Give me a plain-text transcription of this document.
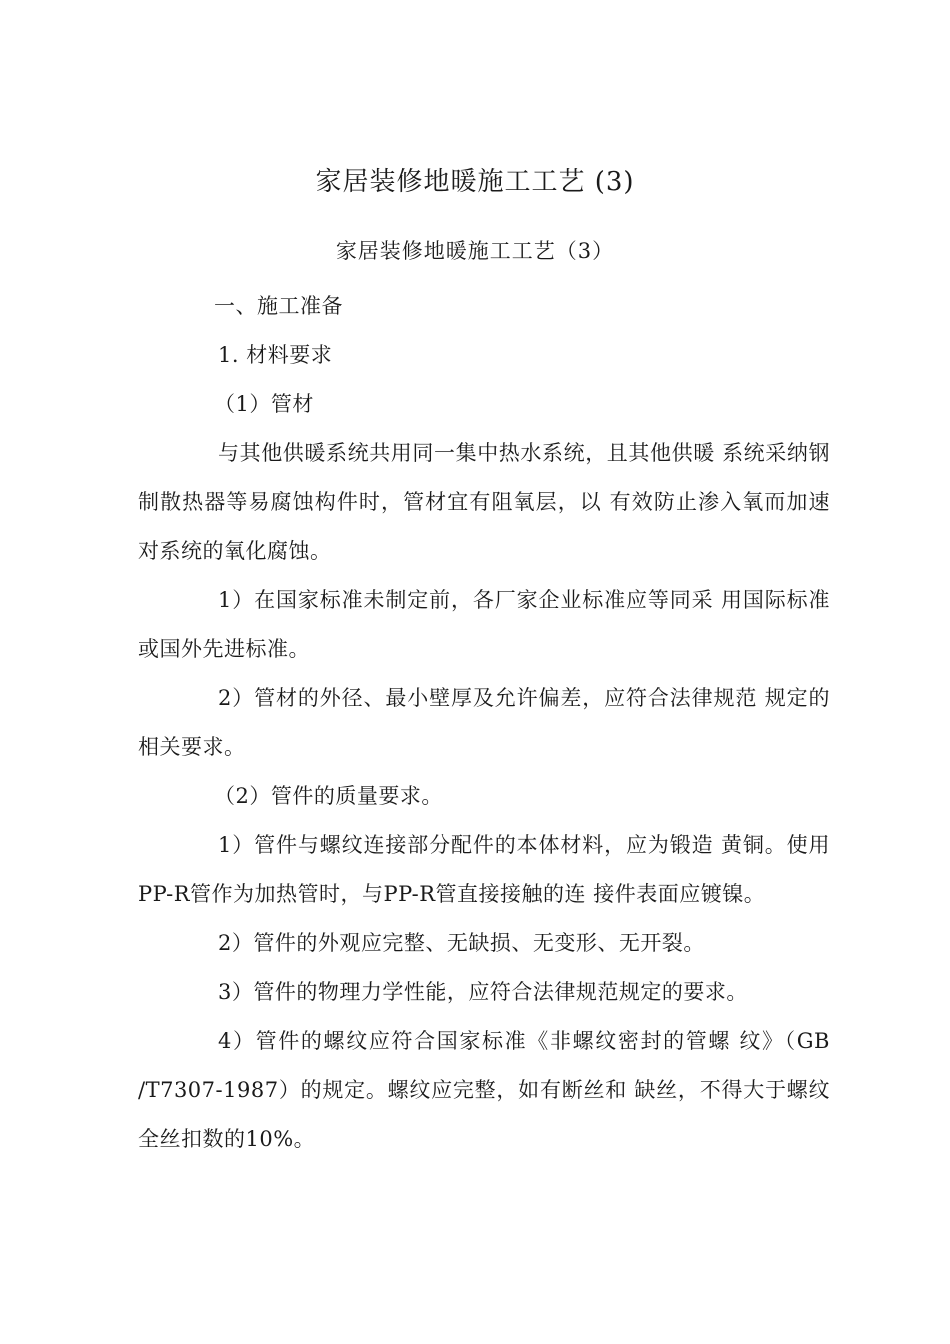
家居装修地暖施工工艺 (3)
家居装修地暖施工工艺（3）

一、施工准备

1. 材料要求

（1）管材

与其他供暖系统共用同一集中热水系统，且其他供暖 系统采纳钢制散热器等易腐蚀构件时，管材宜有阻氧层，以 有效防止渗入氧而加速对系统的氧化腐蚀。

1）在国家标准未制定前，各厂家企业标准应等同采 用国际标准或国外先进标准。

2）管材的外径、最小壁厚及允许偏差，应符合法律规范 规定的相关要求。

（2）管件的质量要求。

1）管件与螺纹连接部分配件的本体材料，应为锻造 黄铜。使用PP-R管作为加热管时，与PP-R管直接接触的连 接件表面应镀镍。

2）管件的外观应完整、无缺损、无变形、无开裂。

3）管件的物理力学性能，应符合法律规范规定的要求。

4）管件的螺纹应符合国家标准《非螺纹密封的管螺 纹》（GB /T7307-1987）的规定。螺纹应完整，如有断丝和 缺丝，不得大于螺纹全丝扣数的10%。
